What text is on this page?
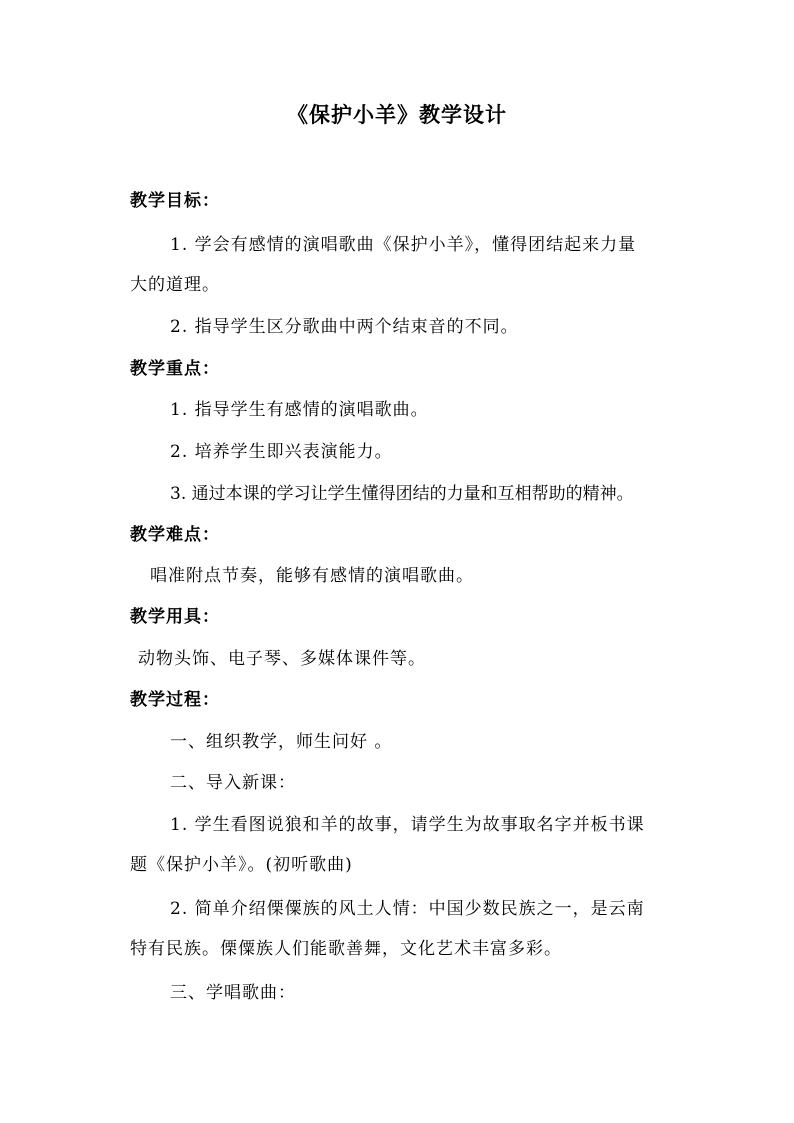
《保护小羊》教学设计
教学目标：
1. 学会有感情的演唱歌曲《保护小羊》，懂得团结起来力量
大的道理。
2. 指导学生区分歌曲中两个结束音的不同。
教学重点：
1. 指导学生有感情的演唱歌曲。
2. 培养学生即兴表演能力。
3. 通过本课的学习让学生懂得团结的力量和互相帮助的精神。
教学难点：
唱准附点节奏，能够有感情的演唱歌曲。
教学用具：
动物头饰、电子琴、多媒体课件等。
教学过程：
一、组织教学，师生问好 。
二、导入新课：
1. 学生看图说狼和羊的故事，请学生为故事取名字并板书课
题《保护小羊》。(初听歌曲)
2. 简单介绍傈僳族的风土人情：中国少数民族之一，是云南
特有民族。傈僳族人们能歌善舞，文化艺术丰富多彩。
三、学唱歌曲：
